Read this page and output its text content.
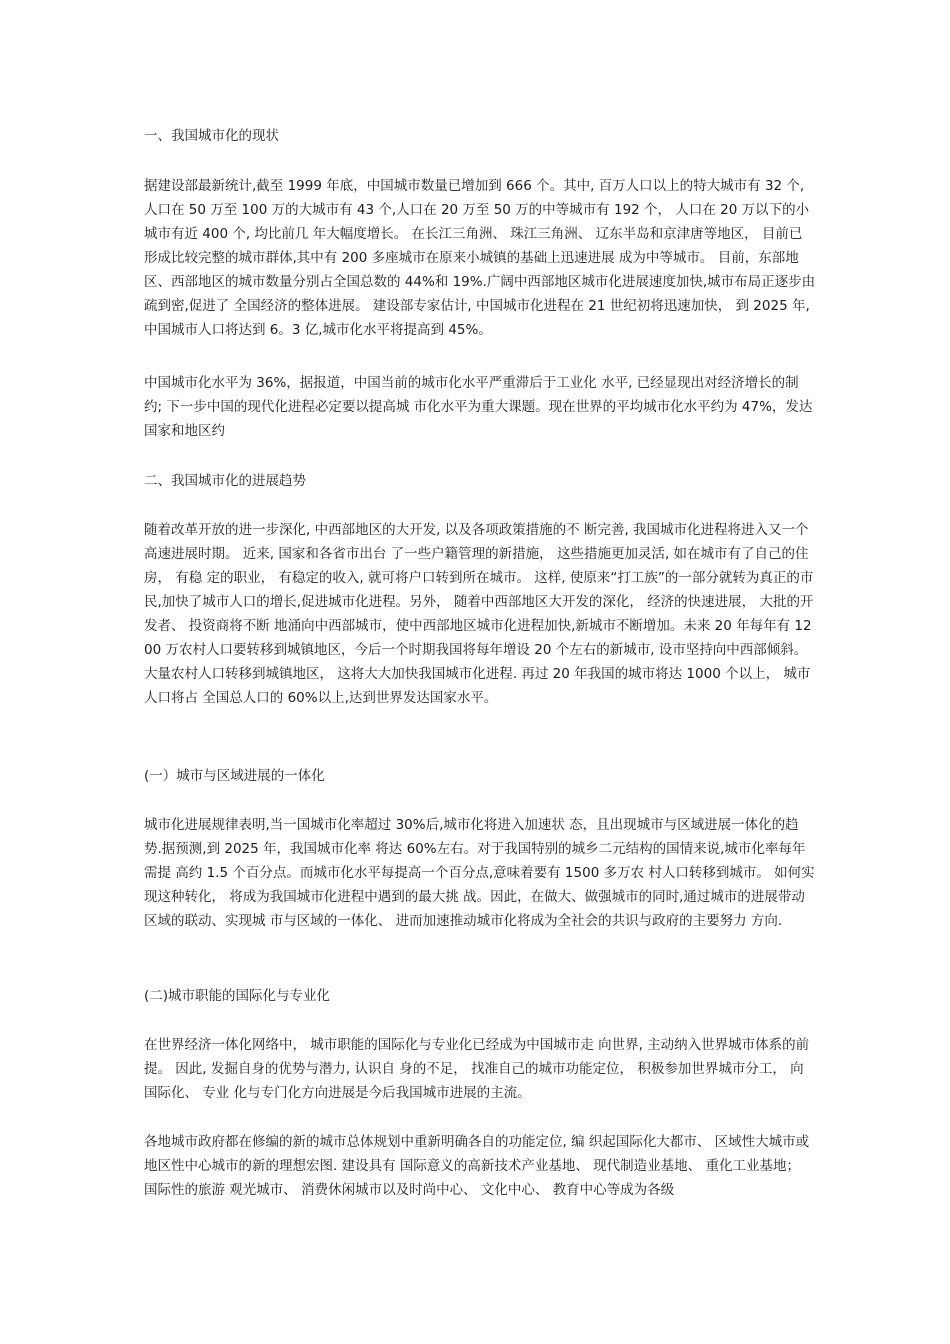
一、我国城市化的现状

据建设部最新统计,截至 1999 年底，中国城市数量已增加到 666 个。其中, 百万人口以上的特大城市有 32 个,人口在 50 万至 100 万的大城市有 43 个,人口在 20 万至 50 万的中等城市有 192 个， 人口在 20 万以下的小城市有近 400 个, 均比前几 年大幅度增长。 在长江三角洲、 珠江三角洲、 辽东半岛和京津唐等地区， 目前已 形成比较完整的城市群体,其中有 200 多座城市在原来小城镇的基础上迅速进展 成为中等城市。 目前，东部地区、西部地区的城市数量分别占全国总数的 44%和 19%.广阔中西部地区城市化进展速度加快,城市布局正逐步由疏到密,促进了 全国经济的整体进展。 建设部专家估计, 中国城市化进程在 21 世纪初将迅速加快， 到 2025 年,中国城市人口将达到 6。3 亿,城市化水平将提高到 45%。

中国城市化水平为 36%，据报道，中国当前的城市化水平严重滞后于工业化 水平, 已经显现出对经济增长的制约; 下一步中国的现代化进程必定要以提高城 市化水平为重大课题。现在世界的平均城市化水平约为 47%，发达国家和地区约

二、我国城市化的进展趋势

随着改革开放的进一步深化, 中西部地区的大开发, 以及各项政策措施的不 断完善, 我国城市化进程将进入又一个高速进展时期。 近来, 国家和各省市出台 了一些户籍管理的新措施， 这些措施更加灵活, 如在城市有了自己的住房， 有稳 定的职业， 有稳定的收入, 就可将户口转到所在城市。 这样, 使原来“打工族”的一部分就转为真正的市民,加快了城市人口的增长,促进城市化进程。另外， 随着中西部地区大开发的深化， 经济的快速进展， 大批的开发者、 投资商将不断 地涌向中西部城市，使中西部地区城市化进程加快,新城市不断增加。未来 20 年每年有 1200 万农村人口要转移到城镇地区，今后一个时期我国将每年增设 20 个左右的新城市, 设市坚持向中西部倾斜。 大量农村人口转移到城镇地区， 这将大大加快我国城市化进程. 再过 20 年我国的城市将达 1000 个以上， 城市人口将占 全国总人口的 60%以上,达到世界发达国家水平。

(一）城市与区域进展的一体化

城市化进展规律表明,当一国城市化率超过 30%后,城市化将进入加速状 态，且出现城市与区域进展一体化的趋势.据预测,到 2025 年，我国城市化率 将达 60%左右。对于我国特别的城乡二元结构的国情来说,城市化率每年需提 高约 1.5 个百分点。而城市化水平每提高一个百分点,意味着要有 1500 多万农 村人口转移到城市。 如何实现这种转化， 将成为我国城市化进程中遇到的最大挑 战。因此，在做大、做强城市的同时,通过城市的进展带动区域的联动、实现城 市与区域的一体化、 进而加速推动城市化将成为全社会的共识与政府的主要努力 方向.

(二)城市职能的国际化与专业化

在世界经济一体化网络中， 城市职能的国际化与专业化已经成为中国城市走 向世界, 主动纳入世界城市体系的前提。 因此, 发掘自身的优势与潜力, 认识自 身的不足， 找准自己的城市功能定位， 积极参加世界城市分工， 向国际化、 专业 化与专门化方向进展是今后我国城市进展的主流。

各地城市政府都在修编的新的城市总体规划中重新明确各自的功能定位, 编 织起国际化大都市、 区域性大城市或地区性中心城市的新的理想宏图. 建设具有 国际意义的高新技术产业基地、 现代制造业基地、 重化工业基地； 国际性的旅游 观光城市、 消费休闲城市以及时尚中心、 文化中心、 教育中心等成为各级
